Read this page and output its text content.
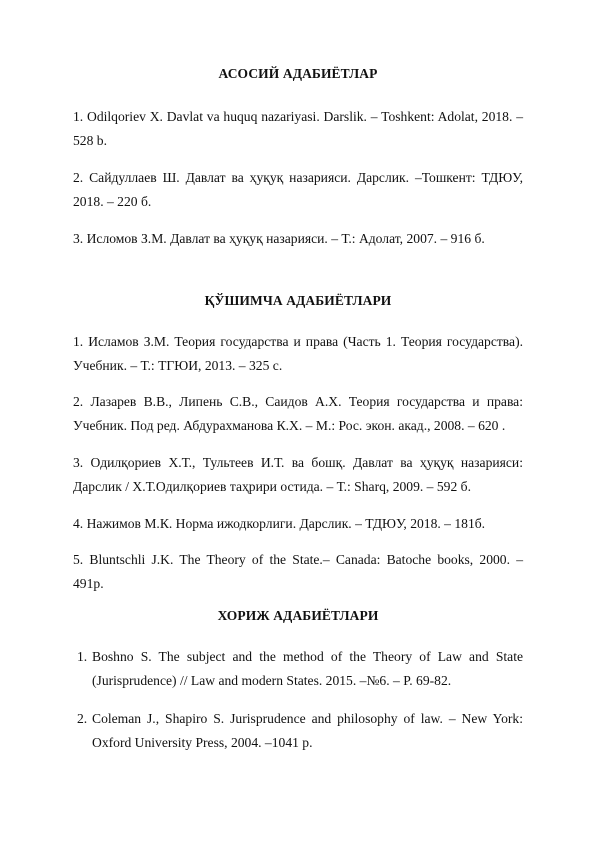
АСОСИЙ АДАБИЁТЛАР
1. Odilqoriev X. Davlat va huquq nazariyasi. Darslik. – Toshkent: Adolat, 2018. – 528 b.
2. Сайдуллаев Ш. Давлат ва ҳуқуқ назарияси. Дарслик. –Тошкент: ТДЮУ, 2018. – 220 б.
3. Исломов З.М. Давлат ва ҳуқуқ назарияси. – Т.: Адолат, 2007. – 916 б.
ҚЎШИМЧА АДАБИЁТЛАРИ
1. Исламов З.М. Теория государства и права (Часть 1. Теория государства). Учебник. – Т.: ТГЮИ, 2013. – 325 с.
2. Лазарев В.В., Липень С.В., Саидов А.Х. Теория государства и права: Учебник. Под ред. Абдурахманова К.Х. – М.: Рос. экон. акад., 2008. – 620 .
3. Одилқориев Х.Т., Тультеев И.Т. ва бошқ. Давлат ва ҳуқуқ назарияси: Дарслик / Х.Т.Одилқориев таҳрири остида. – Т.: Sharq, 2009. – 592 б.
4. Нажимов М.К. Норма ижодкорлиги. Дарслик. – ТДЮУ, 2018. – 181б.
5. Bluntschli J.K. The Theory of the State.– Canada: Batoche books, 2000. – 491p.
ХОРИЖ АДАБИЁТЛАРИ
1. Boshno S. The subject and the method of the Theory of Law and State (Jurisprudence) // Law and modern States. 2015. –№6. – P. 69-82.
2. Coleman J., Shapiro S. Jurisprudence and philosophy of law. – New York: Oxford University Press, 2004. –1041 p.
